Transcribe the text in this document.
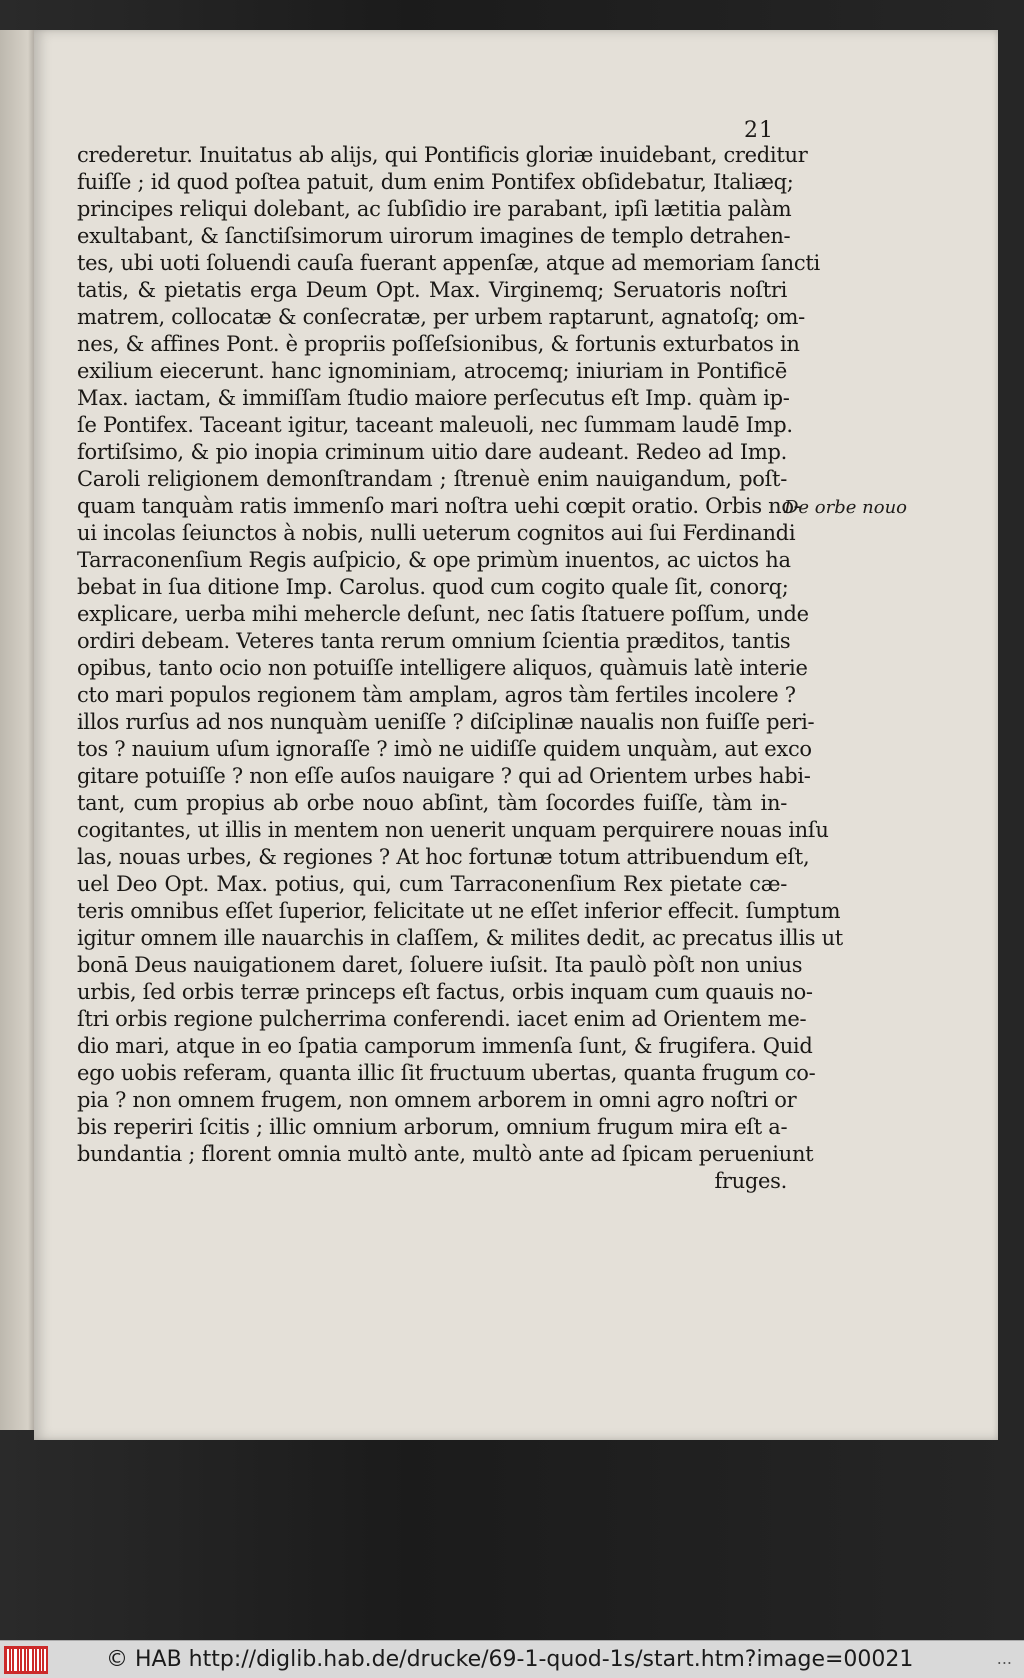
21
crederetur. Inuitatus ab alijs, qui Pontificis gloriæ inuidebant, creditur
fuiſſe ; id quod poſtea patuit, dum enim Pontifex obſidebatur, Italiæq;
principes reliqui dolebant, ac ſubſidio ire parabant, ipſi lætitia palàm
exultabant, & ſanctiſsimorum uirorum imagines de templo detrahen-
tes, ubi uoti ſoluendi cauſa fuerant appenſæ, atque ad memoriam ſancti
tatis, & pietatis erga Deum Opt. Max. Virginemq; Seruatoris noſtri
matrem, collocatæ & conſecratæ, per urbem raptarunt, agnatoſq; om-
nes, & affines Pont. è propriis poſſeſsionibus, & fortunis exturbatos in
exilium eiecerunt. hanc ignominiam, atrocemq; iniuriam in Pontificē
Max. iactam, & immiſſam ſtudio maiore perſecutus eſt Imp. quàm ip-
ſe Pontifex. Taceant igitur, taceant maleuoli, nec ſummam laudē Imp.
fortiſsimo, & pio inopia criminum uitio dare audeant. Redeo ad Imp.
Caroli religionem demonſtrandam ; ſtrenuè enim nauigandum, poſt-
quam tanquàm ratis immenſo mari noſtra uehi cœpit oratio. Orbis no-
ui incolas ſeiunctos à nobis, nulli ueterum cognitos aui ſui Ferdinandi
Tarraconenſium Regis auſpicio, & ope primùm inuentos, ac uictos ha
bebat in ſua ditione Imp. Carolus. quod cum cogito quale ſit, conorq;
explicare, uerba mihi mehercle deſunt, nec ſatis ſtatuere poſſum, unde
ordiri debeam. Veteres tanta rerum omnium ſcientia præditos, tantis
opibus, tanto ocio non potuiſſe intelligere aliquos, quàmuis latè interie
cto mari populos regionem tàm amplam, agros tàm fertiles incolere ?
illos rurſus ad nos nunquàm ueniſſe ? diſciplinæ naualis non fuiſſe peri-
tos ? nauium uſum ignoraſſe ? imò ne uidiſſe quidem unquàm, aut exco
gitare potuiſſe ? non eſſe auſos nauigare ? qui ad Orientem urbes habi-
tant, cum propius ab orbe nouo abſint, tàm ſocordes fuiſſe, tàm in-
cogitantes, ut illis in mentem non uenerit unquam perquirere nouas inſu
las, nouas urbes, & regiones ? At hoc fortunæ totum attribuendum eſt,
uel Deo Opt. Max. potius, qui, cum Tarraconenſium Rex pietate cæ-
teris omnibus eſſet ſuperior, felicitate ut ne eſſet inferior effecit. ſumptum
igitur omnem ille nauarchis in claſſem, & milites dedit, ac precatus illis ut
bonā Deus nauigationem daret, ſoluere iuſsit. Ita paulò pòſt non unius
urbis, ſed orbis terræ princeps eſt factus, orbis inquam cum quauis no-
ſtri orbis regione pulcherrima conferendi. iacet enim ad Orientem me-
dio mari, atque in eo ſpatia camporum immenſa ſunt, & frugifera. Quid
ego uobis referam, quanta illic ſit fructuum ubertas, quanta frugum co-
pia ? non omnem frugem, non omnem arborem in omni agro noſtri or
bis reperiri ſcitis ; illic omnium arborum, omnium frugum mira eſt a-
bundantia ; florent omnia multò ante, multò ante ad ſpicam perueniunt
fruges.
De orbe nouo
© HAB http://diglib.hab.de/drucke/69-1-quod-1s/start.htm?image=00021	...
